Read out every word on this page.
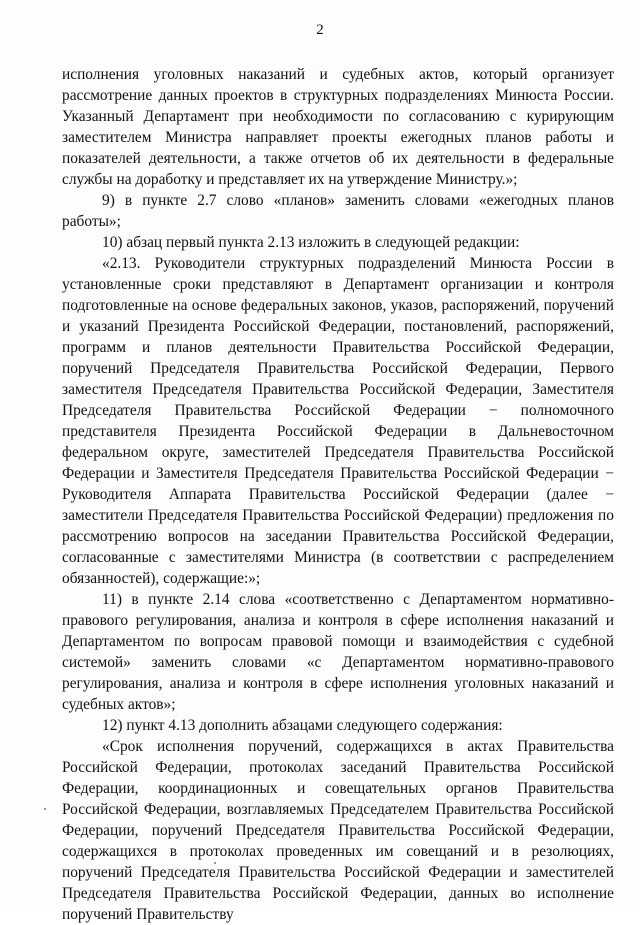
2

исполнения уголовных наказаний и судебных актов, который организует рассмотрение данных проектов в структурных подразделениях Минюста России. Указанный Департамент при необходимости по согласованию с курирующим заместителем Министра направляет проекты ежегодных планов работы и показателей деятельности, а также отчетов об их деятельности в федеральные службы на доработку и представляет их на утверждение Министру.»;

9) в пункте 2.7 слово «планов» заменить словами «ежегодных планов работы»;

10) абзац первый пункта 2.13 изложить в следующей редакции:

«2.13. Руководители структурных подразделений Минюста России в установленные сроки представляют в Департамент организации и контроля подготовленные на основе федеральных законов, указов, распоряжений, поручений и указаний Президента Российской Федерации, постановлений, распоряжений, программ и планов деятельности Правительства Российской Федерации, поручений Председателя Правительства Российской Федерации, Первого заместителя Председателя Правительства Российской Федерации, Заместителя Председателя Правительства Российской Федерации − полномочного представителя Президента Российской Федерации в Дальневосточном федеральном округе, заместителей Председателя Правительства Российской Федерации и Заместителя Председателя Правительства Российской Федерации − Руководителя Аппарата Правительства Российской Федерации (далее − заместители Председателя Правительства Российской Федерации) предложения по рассмотрению вопросов на заседании Правительства Российской Федерации, согласованные с заместителями Министра (в соответствии с распределением обязанностей), содержащие:»;

11) в пункте 2.14 слова «соответственно с Департаментом нормативно-правового регулирования, анализа и контроля в сфере исполнения наказаний и Департаментом по вопросам правовой помощи и взаимодействия с судебной системой» заменить словами «с Департаментом нормативно-правового регулирования, анализа и контроля в сфере исполнения уголовных наказаний и судебных актов»;

12) пункт 4.13 дополнить абзацами следующего содержания:

«Срок исполнения поручений, содержащихся в актах Правительства Российской Федерации, протоколах заседаний Правительства Российской Федерации, координационных и совещательных органов Правительства Российской Федерации, возглавляемых Председателем Правительства Российской Федерации, поручений Председателя Правительства Российской Федерации, содержащихся в протоколах проведенных им совещаний и в резолюциях, поручений Председателя Правительства Российской Федерации и заместителей Председателя Правительства Российской Федерации, данных во исполнение поручений Правительству
